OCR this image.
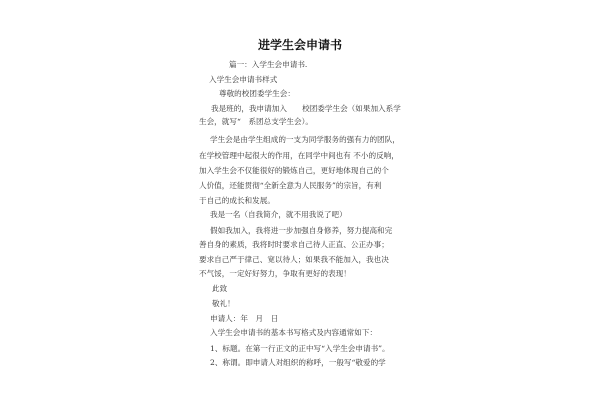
进学生会申请书
篇一：入学生会申请书.
入学生会申请书样式
尊敬的校团委学生会：
我是班的，我申请加入　　校团委学生会（如果加入系学
生会，就写“　系团总支学生会）。
学生会是由学生组成的一支为同学服务的强有力的团队，
在学校管理中起很大的作用，在同学中间也有 不小的反响，
加入学生会不仅能很好的锻炼自己，更好地体现自己的个
人价值，还能贯彻“全新全意为人民服务”的宗旨，有利
于自己的成长和发展。
我是一名（自我简介，就不用我说了吧）
假如我加入，我将进一步加强自身修养，努力提高和完
善自身的素质，我将时时要求自己待人正直、公正办事；
要求自己严于律己、宽以待人；如果我不能加入，我也决
不气馁，一定好好努力，争取有更好的表现！
此致
敬礼！
申请人：年　月　日
入学生会申请书的基本书写格式及内容通常如下：
1、标题。在第一行正文的正中写“入学生会申请书”。
2、称谓。即申请人对组织的称呼，一般写“敬爱的学
